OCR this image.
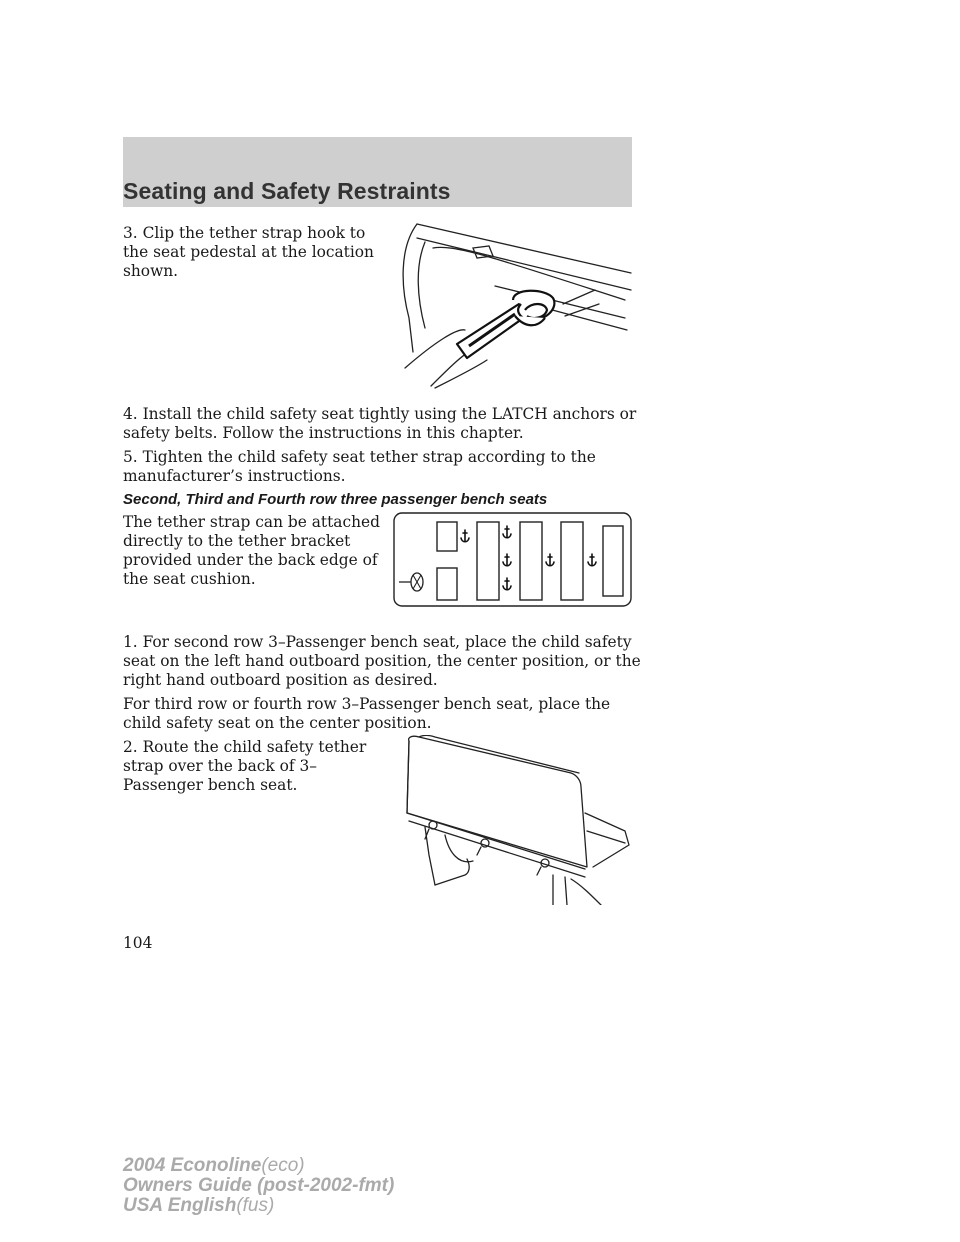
Seating and Safety Restraints

3. Clip the tether strap hook to the seat pedestal at the location shown.

4. Install the child safety seat tightly using the LATCH anchors or safety belts. Follow the instructions in this chapter.

5. Tighten the child safety seat tether strap according to the manufacturer’s instructions.

Second, Third and Fourth row three passenger bench seats

The tether strap can be attached directly to the tether bracket provided under the back edge of the seat cushion.

1. For second row 3–Passenger bench seat, place the child safety seat on the left hand outboard position, the center position, or the right hand outboard position as desired.

For third row or fourth row 3–Passenger bench seat, place the child safety seat on the center position.

2. Route the child safety tether strap over the back of 3–Passenger bench seat.

104
2004 Econoline(eco)
Owners Guide (post-2002-fmt)
USA English(fus)
